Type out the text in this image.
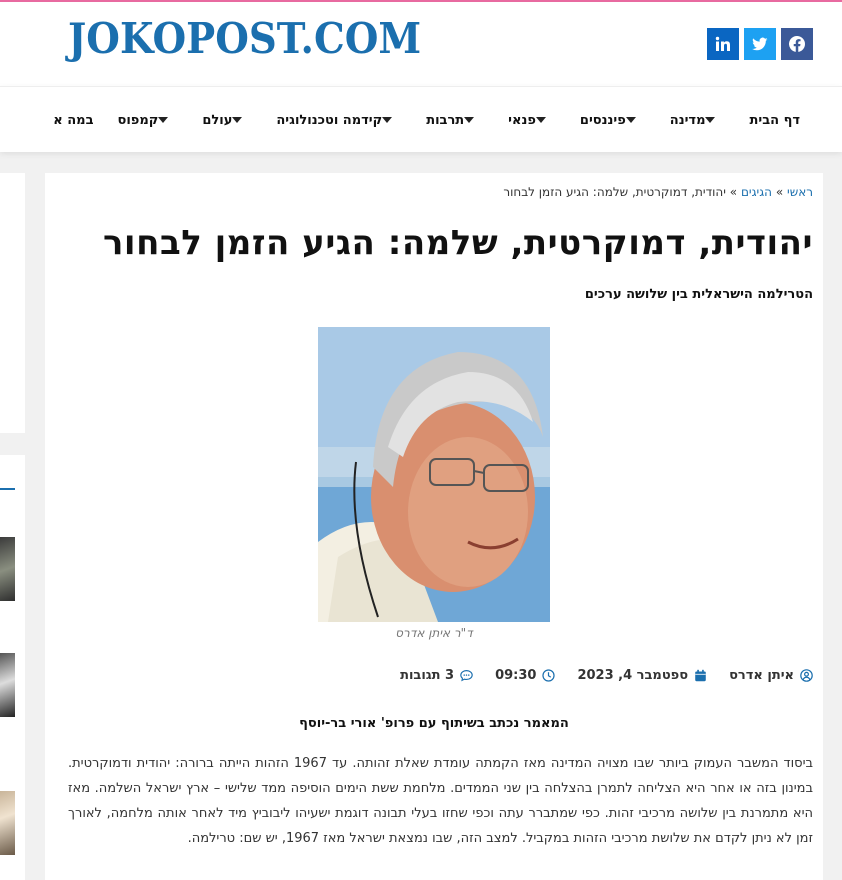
JOKOPOST.COM
דף הבית
מדינה
פיננסים
פנאי
תרבות
קידמה וטכנולוגיה
עולם
קמפוס
במה א
ראשי » הגיגים » יהודית, דמוקרטית, שלמה: הגיע הזמן לבחור
יהודית, דמוקרטית, שלמה: הגיע הזמן לבחור
הטרילמה הישראלית בין שלושה ערכים
ד"ר איתן אדרס
איתן אדרס
ספטמבר 4, 2023
09:30
3 תגובות
המאמר נכתב בשיתוף עם פרופ' אורי בר-יוסף

ביסוד המשבר העמוק ביותר שבו מצויה המדינה מאז הקמתה עומדת שאלת זהותה. עד 1967 הזהות הייתה ברורה: יהודית ודמוקרטית. במינון בזה או אחר היא הצליחה לתמרן בהצלחה בין שני הממדים. מלחמת ששת הימים הוסיפה ממד שלישי – ארץ ישראל השלמה. מאז היא מתמרנת בין שלושה מרכיבי זהות. כפי שמתברר עתה וכפי שחזו בעלי תבונה דוגמת ישעיהו ליבוביץ מיד לאחר אותה מלחמה, לאורך זמן לא ניתן לקדם את שלושת מרכיבי הזהות במקביל. למצב הזה, שבו נמצאת ישראל מאז 1967, יש שם: טרילמה.
